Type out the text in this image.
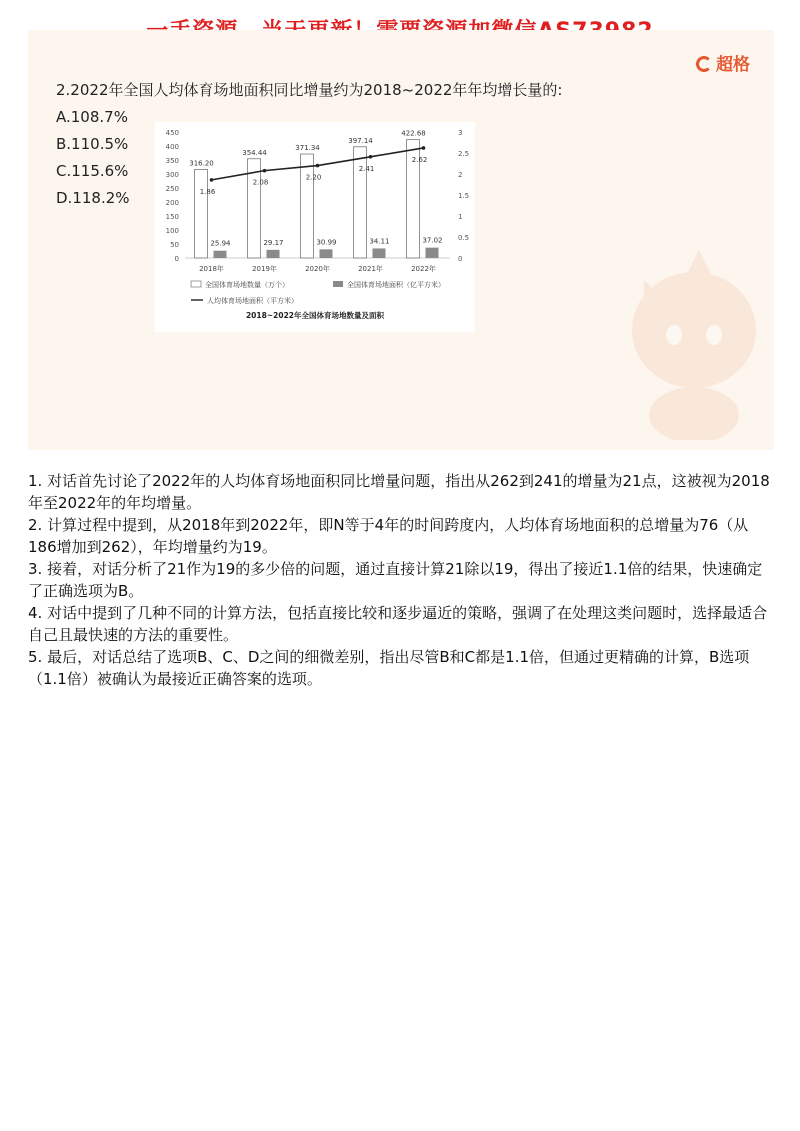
超格
2.2022年全国人均体育场地面积同比增量约为2018~2022年年均增长量的:
A.108.7%
B.110.5%
C.115.6%
D.118.2%
450
400
350
300
250
200
150
100
50
0
3
2.5
2
1.5
1
0.5
0
316.20
25.94
2018年
354.44
29.17
2019年
371.34
30.99
2020年
397.14
34.11
2021年
422.68
37.02
2022年
1.86
2.08
2.20
2.41
2.62
全国体育场地数量（万个）	全国体育场地面积（亿平方米）
人均体育场地面积（平方米）
2018~2022年全国体育场地数量及面积

1. 对话首先讨论了2022年的人均体育场地面积同比增量问题，指出从262到241的增量为21点，这被视为2018年至2022年的年均增量。

2. 计算过程中提到，从2018年到2022年，即N等于4年的时间跨度内，人均体育场地面积的总增量为76（从186增加到262），年均增量约为19。

3. 接着，对话分析了21作为19的多少倍的问题，通过直接计算21除以19，得出了接近1.1倍的结果，快速确定了正确选项为B。

4. 对话中提到了几种不同的计算方法，包括直接比较和逐步逼近的策略，强调了在处理这类问题时，选择最适合自己且最快速的方法的重要性。

5. 最后，对话总结了选项B、C、D之间的细微差别，指出尽管B和C都是1.1倍，但通过更精确的计算，B选项（1.1倍）被确认为最接近正确答案的选项。
